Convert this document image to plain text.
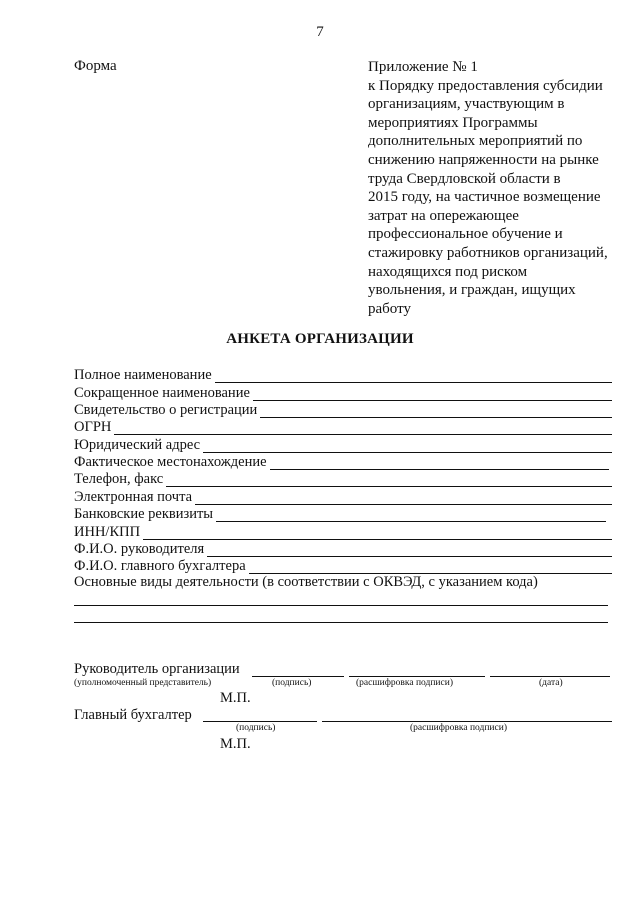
7
Форма	Приложение № 1
к Порядку предоставления субсидии
организациям, участвующим в
мероприятиях Программы
дополнительных мероприятий по
снижению напряженности на рынке
труда Свердловской области в
2015 году, на частичное возмещение
затрат на опережающее
профессиональное обучение и
стажировку работников организаций,
находящихся под риском
увольнения, и граждан, ищущих
работу
АНКЕТА ОРГАНИЗАЦИИ
Полное наименование
Сокращенное наименование
Свидетельство о регистрации
ОГРН
Юридический адрес
Фактическое местонахождение
Телефон, факс
Электронная почта
Банковские реквизиты
ИНН/КПП
Ф.И.О. руководителя
Ф.И.О. главного бухгалтера
Основные виды деятельности (в соответствии с ОКВЭД, с указанием кода)
Руководитель организации
(уполномоченный представитель)	(подпись)	(расшифровка подписи)	(дата)
М.П.
Главный бухгалтер
(подпись)	(расшифровка подписи)
М.П.
